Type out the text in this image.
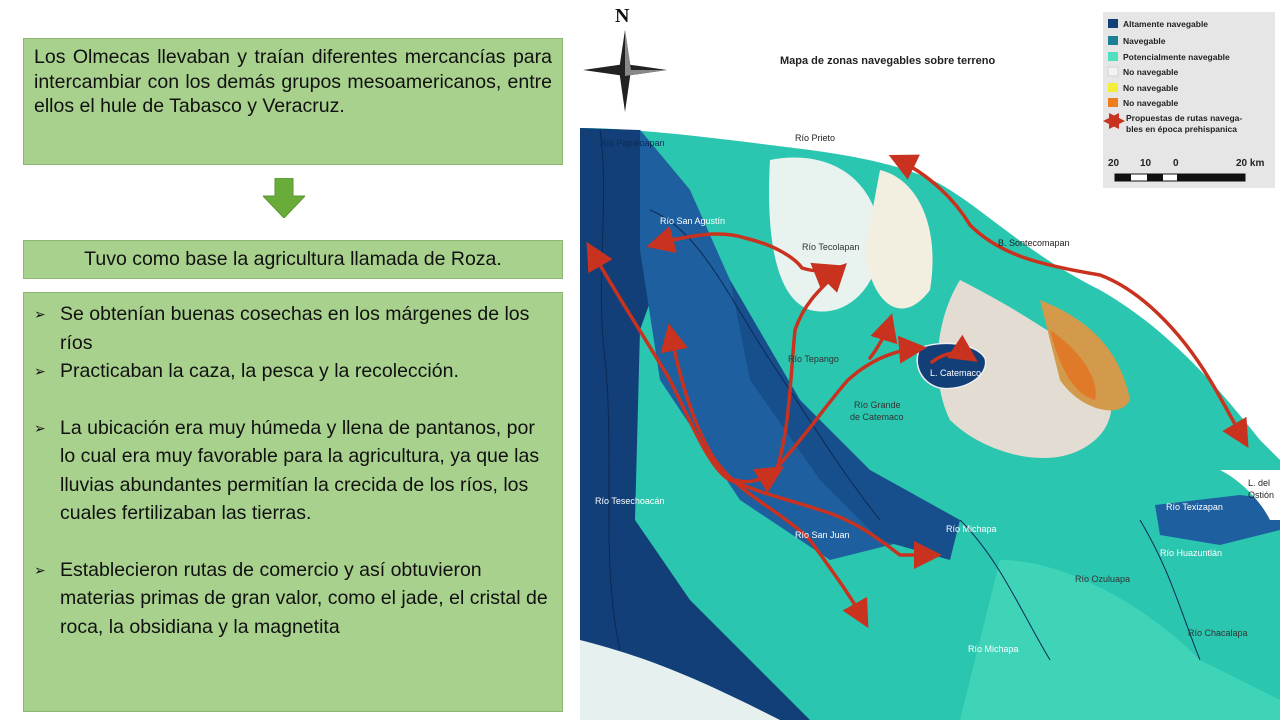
Los Olmecas llevaban y traían diferentes mercancías para intercambiar con los demás grupos mesoamericanos, entre ellos el hule de Tabasco y Veracruz.
Tuvo como base la agricultura llamada de Roza.
➢ Se obtenían buenas cosechas en los márgenes de los ríos
➢ Practicaban la caza, la pesca y la recolección.
➢ La ubicación era muy húmeda y llena de pantanos, por lo cual era muy favorable para la agricultura, ya que las lluvias abundantes permitían la crecida de los ríos, los cuales fertilizaban las tierras.
➢ Establecieron rutas de comercio y así obtuvieron materias primas de gran valor, como el jade, el cristal de roca, la obsidiana y la magnetita
Río Papaloapan	Río Prieto
Río San Agustín
Río Tecolapan	B. Sontecomapan
Río Tepango
L. Catemaco
Río Grande
de Catemaco
Río Tesechoacán
Río San Juan
Río Michapa
Río Michapa
L. del
Ostión
Río Huazuntlán
Río Texizapan
Río Ozuluapa
Río Chacalapa
Mapa de zonas navegables sobre terreno
N	Altamente navegable
Navegable
Potencialmente navegable
No navegable
No navegable
No navegable
Propuestas de rutas navega-
bles en época prehispanica
20 10 0	20 km
